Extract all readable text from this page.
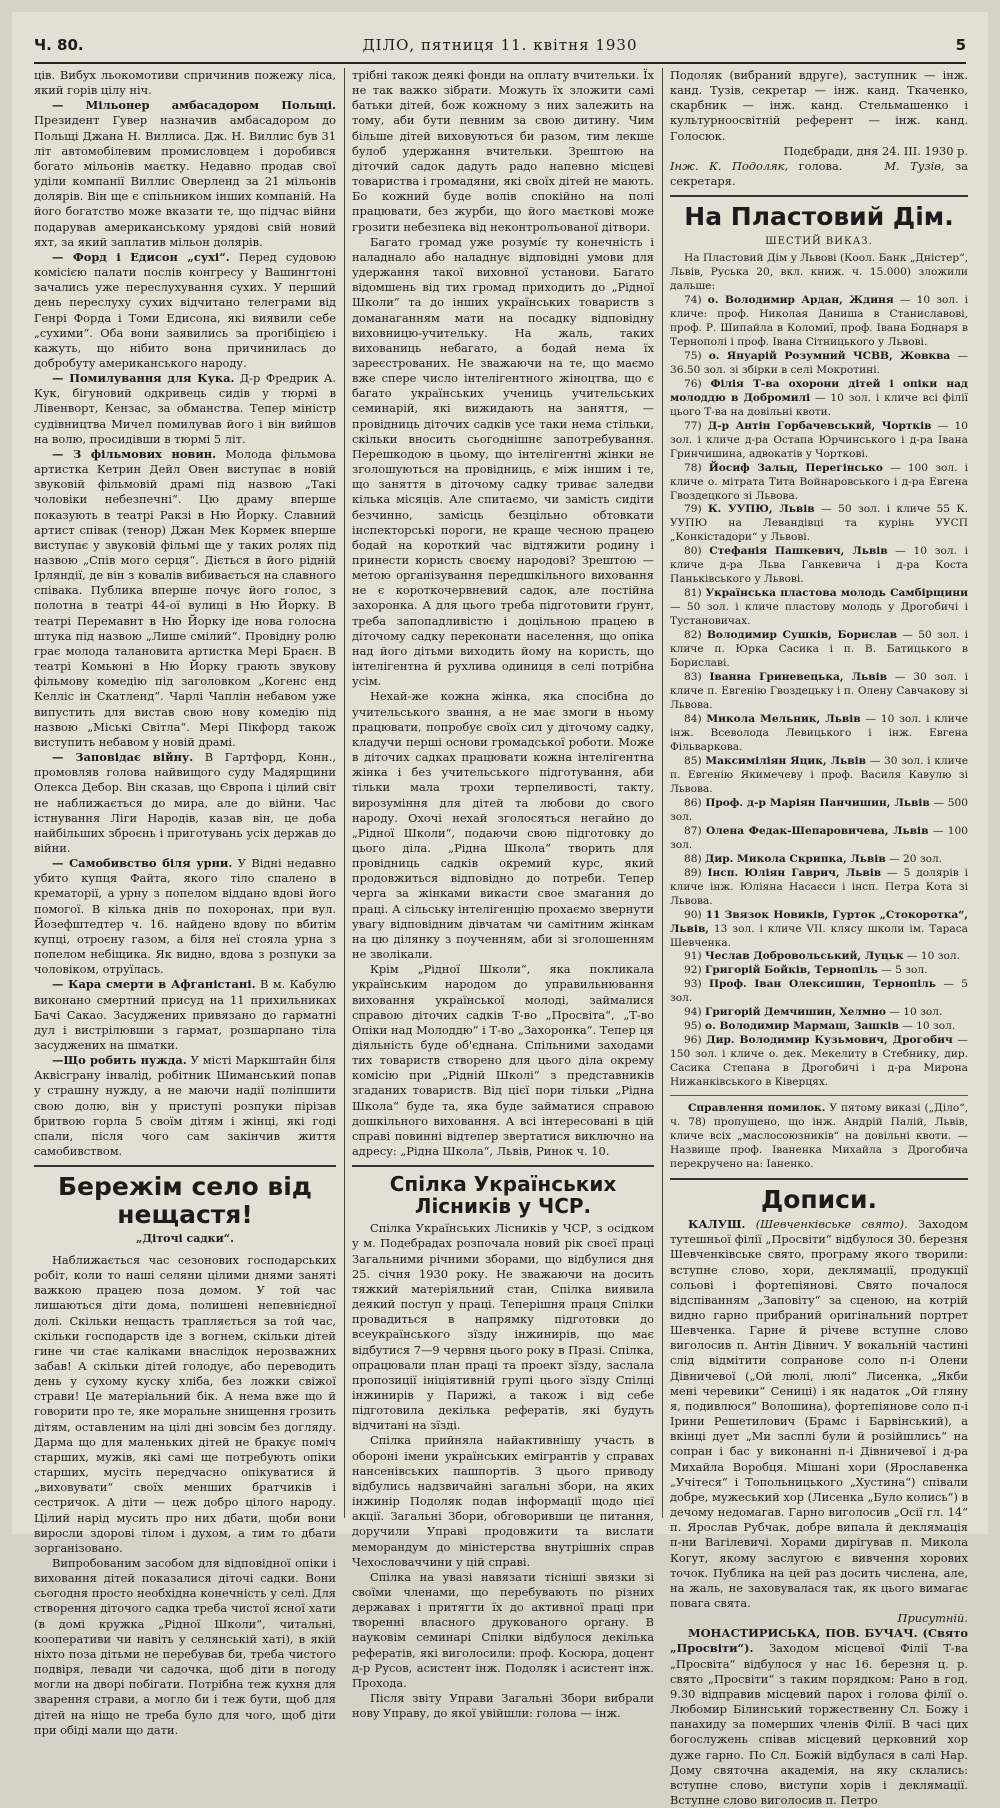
Ч. 80.	ДІЛО, пятниця 11. квітня 1930	5

ців. Вибух льокомотиви спричинив пожежу ліса, який горів цілу ніч.

— Мільонер амбасадором Польщі. Президент Гувер назначив амбасадором до Польщі Джана Н. Виллиса. Дж. Н. Виллис був 31 літ автомобілевим промисловцем і доробився богато мільонів маєтку. Недавно продав свої уділи компанії Виллис Оверленд за 21 мільонів долярів. Він ще є спільником інших компаній. На його богатство може вказати те, що підчас війни подарував американському урядові свій новий яхт, за який заплатив мільон долярів.

— Форд і Едисон „сухі“. Перед судовою комісією палати послів конгресу у Вашингтоні зачались уже переслухування сухих. У перший день переслуху сухих відчитано телеграми від Генрі Форда і Томи Едисона, які виявили себе „сухими“. Оба вони заявились за прогібіцією і кажуть, що нібито вона причинилась до добробуту американського народу.

— Помилування для Кука. Д-р Фредрик А. Кук, бігуновий одкривець сидів у тюрмі в Лівенворт, Кензас, за обманства. Тепер міністр судівництва Мичел помилував його і він вийшов на волю, просидівши в тюрмі 5 літ.

— З фільмових новин. Молода фільмова артистка Кетрин Дейл Овен виступає в новій звуковій фільмовій драмі під назвою „Такі чоловіки небезпечні“. Цю драму вперше показують в театрі Ракзі в Ню Йорку. Славний артист співак (тенор) Джан Мек Кормек вперше виступає у звуковій фільмі ще у таких ролях під назвою „Спів мого серця“. Діється в його рідній Ірляндії, де він з ковалів вибивається на славного співака. Публика вперше почує його голос, з полотна в театрі 44-ої вулиці в Ню Йорку. В театрі Перемавнт в Ню Йорку іде нова голосна штука під назвою „Лише смілий“. Провідну ролю грає молода талановита артистка Мері Браєн. В театрі Комьюні в Ню Йорку грають звукову фільмову комедію під заголовком „Когенс енд Келліс ін Скатленд“. Чарлі Чаплін небавом уже випустить для вистав свою нову комедію під назвою „Міські Світла“. Мері Пікфорд також виступить небавом у новій драмі.

— Заповідає війну. В Гартфорд, Конн., промовляв голова найвищого суду Мадярщини Олекса Дебор. Він сказав, що Європа і цілий світ не наближається до мира, але до війни. Час істнування Ліги Народів, казав він, це доба найбільших зброєнь і приготувань усіх держав до війни.

— Самобивство біля урни. У Відні недавно убито купця Файта, якого тіло спалено в крематорії, а урну з попелом віддано вдові його помогої. В кілька днів по похоронах, при вул. Йозефштедтер ч. 16. найдено вдову по вбитім купці, отроєну газом, а біля неї стояла урна з попелом небіщика. Як видно, вдова з розпуки за чоловіком, отруїлась.

— Кара смерти в Афганістані. В м. Кабулю виконано смертний присуд на 11 прихильниках Бачі Сакао. Засуджених привязано до гарматні дул і вистрілювши з гармат, розшарпано тіла засуджених на шматки.

—Що робить нужда. У місті Маркштайн біля Аквісграну інвалід, робітник Шиманський попав у страшну нужду, а не маючи надії поліпшити свою долю, він у приступі розпуки пірізав бритвою горла 5 своїм дітям і жінці, які годі спали, після чого сам закінчив життя самобивством.

Бережім село від нещастя!
„Діточі садки“.

Наближається час сезонових господарських робіт, коли то наші селяни цілими днями заняті важкою працею поза домом. У той час лишаються діти дома, полишені непевнієдної долі. Скільки нещасть трапляється за той час, скільки господарств іде з вогнем, скільки дітей гине чи стає каліками внаслідок нерозважних забав! А скільки дітей голодує, або переводить день у сухому куску хліба, без ложки свіжої страви! Це матеріальний бік. А нема вже що й говорити про те, яке моральне знищення грозить дітям, оставленим на цілі дні зовсім без догляду. Дарма що для маленьких дітей не бракує поміч старших, мужів, які самі ще потребують опіки старших, мусіть передчасно опікуватися й „виховувати“ своїх менших братчиків і сестричок. А діти — цеж добро цілого народу. Цілий нарід мусить про них дбати, щоби вони виросли здорові тілом і духом, а тим то дбати зорганізовано.

Випробованим засобом для відповідної опіки і виховання дітей показалися діточі садки. Вони сьогодня просто необхідна конечність у селі. Для створення діточого садка треба чистої ясної хати (в домі кружка „Рідної Школи“, читальні, кооперативи чи навіть у селянській хаті), в якій ніхто поза дітьми не перебував би, треба чистого подвіря, левади чи садочка, щоб діти в погоду могли на дворі побігати. Потрібна теж кухня для зварення страви, а могло би і теж бути, щоб для дітей на ніщо не треба було для чого, щоб діти при обіді мали що дати.

трібні також деякі фонди на оплату вчительки. Їх не так важко зібрати. Можуть їх зложити самі батьки дітей, бож кожному з них залежить на тому, аби бути певним за свою дитину. Чим більше дітей виховуються би разом, тим лекше булоб удержання вчительки. Зрештою на діточий садок дадуть радо напевно місцеві товариства і громадяни, які своїх дітей не мають. Бо кожний буде волів спокійно на полі працювати, без журби, що його маєткові може грозити небезпека від неконтрольованої дітвори.

Багато громад уже розумі́є ту конечність і наладнало або наладнує відповідні умови для удержання такої виховної установи. Багато відомшень від тих громад приходить до „Рідної Школи“ та до інших українських товариств з доманаганням мати на посадку відповідну виховницю-учительку. На жаль, таких вихованиць небагато, а бодай нема їх зареєстрованих. Не зважаючи на те, що маємо вже спере число інтелігентного жіноцтва, що є багато українських учениць учительських семинарій, які вижидають на заняття, — провідниць діточих садків усе таки нема стільки, скільки вносить сьогоднішнє запотребування. Перешкодою в цьому, що інтелігентні жінки не зголошуються на провідниць, є між іншим і те, що заняття в діточому садку триває заледви кілька місяців. Але спитаємо, чи замість сидіти безчинно, замісць безцільно обтовкати інспекторські пороги, не краще чесною працею бодай на короткий час відтяжити родину і принести користь своєму народові? Зрештою — метою організування передшкільного виховання не є короткочервневий садок, але постійна захоронка. А для цього треба підготовити ґрунт, треба запопадливістю і доцільною працею в діточому садку переконати населення, що опіка над його дітьми виходить йому на користь, що інтелігентна й рухлива одиниця в селі потрібна усім.

Нехай-же кожна жінка, яка спосібна до учительського звання, а не має змоги в ньому працювати, попробує своїх сил у діточому садку, кладучи перші основи громадської роботи. Може в діточих садках працювати кожна інтелігентна жінка і без учительського підготування, аби тільки мала трохи терпеливості, такту, вирозуміння для дітей та любови до свого народу. Охочі нехай зголосяться негайно до „Рідної Школи“, подаючи свою підготовку до цього діла. „Рідна Школа“ творить для провідниць садків окремий курс, який продовжиться відповідно до потреби. Тепер черга за жінками викасти свое змагання до праці. А сільську інтелігенцію прохаємо звернути увагу відповідним дівчатам чи самітним жінкам на цю ділянку з поученням, аби зі зголошенням не зволікали.

Крім „Рідної Школи“, яка покликала українським народом до управильнювання виховання української молоді, займалися справою діточих садків Т-во „Просвіта“, „Т-во Опіки над Молоддю“ і Т-во „Захоронка“. Тепер ця діяльність буде об'єднана. Спільними заходами тих товариств створено для цього діла окрему комісію при „Рідній Школі“ з представників згаданих товариств. Від цієї пори тільки „Рідна Школа“ буде та, яка буде займатися справою дошкільного виховання. А всі інтересовані в цій справі повинні відтепер звертатися виключно на адресу: „Рідна Школа“, Львів, Ринок ч. 10.

Спілка Українських Лісників у ЧСР.

Спілка Українських Лісників у ЧСР, з осідком у м. Подебрадах розпочала новий рік своєї праці Загальними річними зборами, що відбулися дня 25. січня 1930 року. Не зважаючи на досить тяжкий матеріяльний стан, Спілка виявила деякий поступ у праці. Теперішня праця Спілки провадиться в напрямку підготовки до всеукраїнського зїзду інжинирів, що має відбутися 7—9 червня цього року в Празі. Спілка, опрацювали план праці та проект зїзду, заслала пропозиції ініціятивній групі цього зїзду Спілці інжинирів у Парижі, а також і від себе підготовила декілька рефератів, які будуть відчитані на зїзді.

Спілка прийняла найактивнішу участь в обороні імени українських емігрантів у справах нансенівських пашпортів. З цього приводу відбулись надзвичайні загальні збори, на яких інжинір Подоляк подав інформації щодо цієї акції. Загальні Збори, обговоривши це питання, доручили Управі продовжити та вислати меморандум до міністерства внутрішніх справ Чехословаччини у цій справі.

Спілка на увазі навязати тісніші звязки зі своїми членами, що перебувають по різних державах і притягти їх до активної праці при творенні власного друкованого органу. В науковім семинарі Спілки відбулося декілька рефератів, які виголосили: проф. Косюра, доцент д-р Русов, асистент інж. Подоляк і асистент інж. Прохода.

Після звіту Управи Загальні Збори вибрали нову Управу, до якої увійшли: голова — інж.

Подоляк (вибраний вдруге), заступник — інж. канд. Тузів, секретар — інж. канд. Ткаченко, скарбник — інж. канд. Стельмашенко і культурноосвітній референт — інж. канд. Голосюк.

Подєбради, дня 24. ІІІ. 1930 р.

Інж. К. Подоляк, голова.	М. Тузів, за секретаря.

На Пластовий Дім.
ШЕСТИЙ ВИКАЗ.

На Пластовий Дім у Львові (Коол. Банк „Дністер“, Львів, Руська 20, вкл. книж. ч. 15.000) зложили дальше:

74) о. Володимир Ардан, Ждиня — 10 зол. і кличе: проф. Николая Даниша в Станиславові, проф. Р. Шипайла в Коломиї, проф. Івана Боднаря в Тернополі і проф. Івана Сітницького у Львові.

75) о. Януарій Розумний ЧСВВ, Жовква — 36.50 зол. зі збірки в селі Мокротині.

76) Філія Т-ва охорони дітей і опіки над молоддю в Добромилі — 10 зол. і кличе всі філії цього Т-ва на довільні квоти.

77) Д-р Антін Горбачевський, Чортків — 10 зол. і кличе д-ра Остапа Юрчинського і д-ра Івана Гринчишина, адвокатів у Чорткові.

78) Йосиф Зальц, Перегінсько — 100 зол. і кличе о. мітрата Тита Войнаровського і д-ра Евгена Гвоздецкого зі Львова.

79) К. УУПЮ, Львів — 50 зол. і кличе 55 К. УУПЮ на Левандівці та курінь УУСП „Конкістадори“ у Львові.

80) Стефанія Пашкевич, Львів — 10 зол. і кличе д-ра Льва Ганкевича і д-ра Коста Паньківського у Львові.

81) Українська пластова молодь Самбірщини — 50 зол. і кличе пластову молодь у Дрогобичі і Тустановичах.

82) Володимир Сушків, Борислав — 50 зол. і кличе п. Юрка Сасика і п. В. Батицького в Бориславі.

83) Іванна Гриневецька, Львів — 30 зол. і кличе п. Евгенію Гвоздецьку і п. Олену Савчакову зі Львова.

84) Микола Мельник, Львів — 10 зол. і кличе інж. Всеволода Левицького і інж. Евгена Фільваркова.

85) Максиміліян Яцик, Львів — 30 зол. і кличе п. Евгенію Якимечеву і проф. Василя Кавулю зі Львова.

86) Проф. д-р Маріян Панчишин, Львів — 500 зол.

87) Олена Федак-Шепаровичева, Львів — 100 зол.

88) Дир. Микола Скрипка, Львів — 20 зол.

89) Інсп. Юліян Гаврич, Львів — 5 долярів і кличе інж. Юліяна Насаєси і інсп. Петра Кота зі Львова.

90) 11 Звязок Новиків, Гурток „Стокоротка“, Львів, 13 зол. і кличе VII. клясу школи ім. Тараса Шевченка.

91) Чеслав Добровольський, Луцьк — 10 зол.

92) Григорій Бойків, Тернопіль — 5 зол.

93) Проф. Іван Олексишин, Тернопіль — 5 зол.

94) Григорій Демчишин, Хелмно — 10 зол.

95) о. Володимир Мармаш, Зашків — 10 зол.

96) Дир. Володимир Кузьмович, Дрогобич — 150 зол. і кличе о. дек. Мекелиту в Стебнику, дир. Сасика Степана в Дрогобичі і д-ра Мирона Нижанківського в Ківерцях.

Справлення помилок. У пятому виказі („Діло“, ч. 78) пропущено, що інж. Андрій Палій, Львів, кличе всіх „маслосоюзників“ на довільні квоти. — Назвище проф. Іваненка Михайла з Дрогобича перекручено на: Іаненко.

Дописи.

КАЛУШ. (Шевченківське свято). Заходом тутешньої філії „Просвіти“ відбулося 30. березня Шевченківське свято, програму якого творили: вступне слово, хори, деклямації, продукції сольові і фортепіянові. Свято почалося відспіванням „Заповіту“ за сценою, на котрій видно гарно прибраний оригінальний портрет Шевченка. Гарне й річеве вступне слово виголосив п. Антін Дівнич. У вокальній частині слід відмітити сопранове соло п-і Олени Дівничевої („Ой люлі, люлі“ Лисенка, „Якби мені черевики“ Сениці) і як надаток „Ой гляну я, подивлюся“ Волошина), фортепіянове соло п-і Ірини Решетилович (Брамс і Барвінський), а вкінці дует „Ми засплі були й розійшлись“ на сопран і бас у виконанні п-і Дівничевої і д-ра Михайла Воробця. Мішані хори (Ярославенка „Учітеся“ і Топольницького „Хустина“) співали добре, мужеський хор (Лисенка „Було колись“) в дечому недомагав. Гарно виголосив „Осії гл. 14“ п. Ярослав Рубчак, добре випала й деклямація п-ни Вагілевичі. Хорами дирігував п. Микола Когут, якому заслугою є вивчення хорових точок. Публика на цей раз досить числена, але, на жаль, не заховувалася так, як цього вимагає повага свята.

Присутній.

МОНАСТИРИСЬКА, ПОВ. БУЧАЧ. (Свято „Просвіти“). Заходом місцевої Філії Т-ва „Просвіта“ відбулося у нас 16. березня ц. р. свято „Просвіти“ з таким порядком: Рано в год. 9.30 відправив місцевий парох і голова філії о. Любомир Білинський торжественну Сл. Божу і панахиду за померших членів Філії. В часі цих богослужень співав місцевий церковний хор дуже гарно. По Сл. Божій відбулася в салі Нар. Дому святочна академія, на яку склались: вступне слово, виступи хорів і деклямації. Вступне слово виголосив п. Петро
